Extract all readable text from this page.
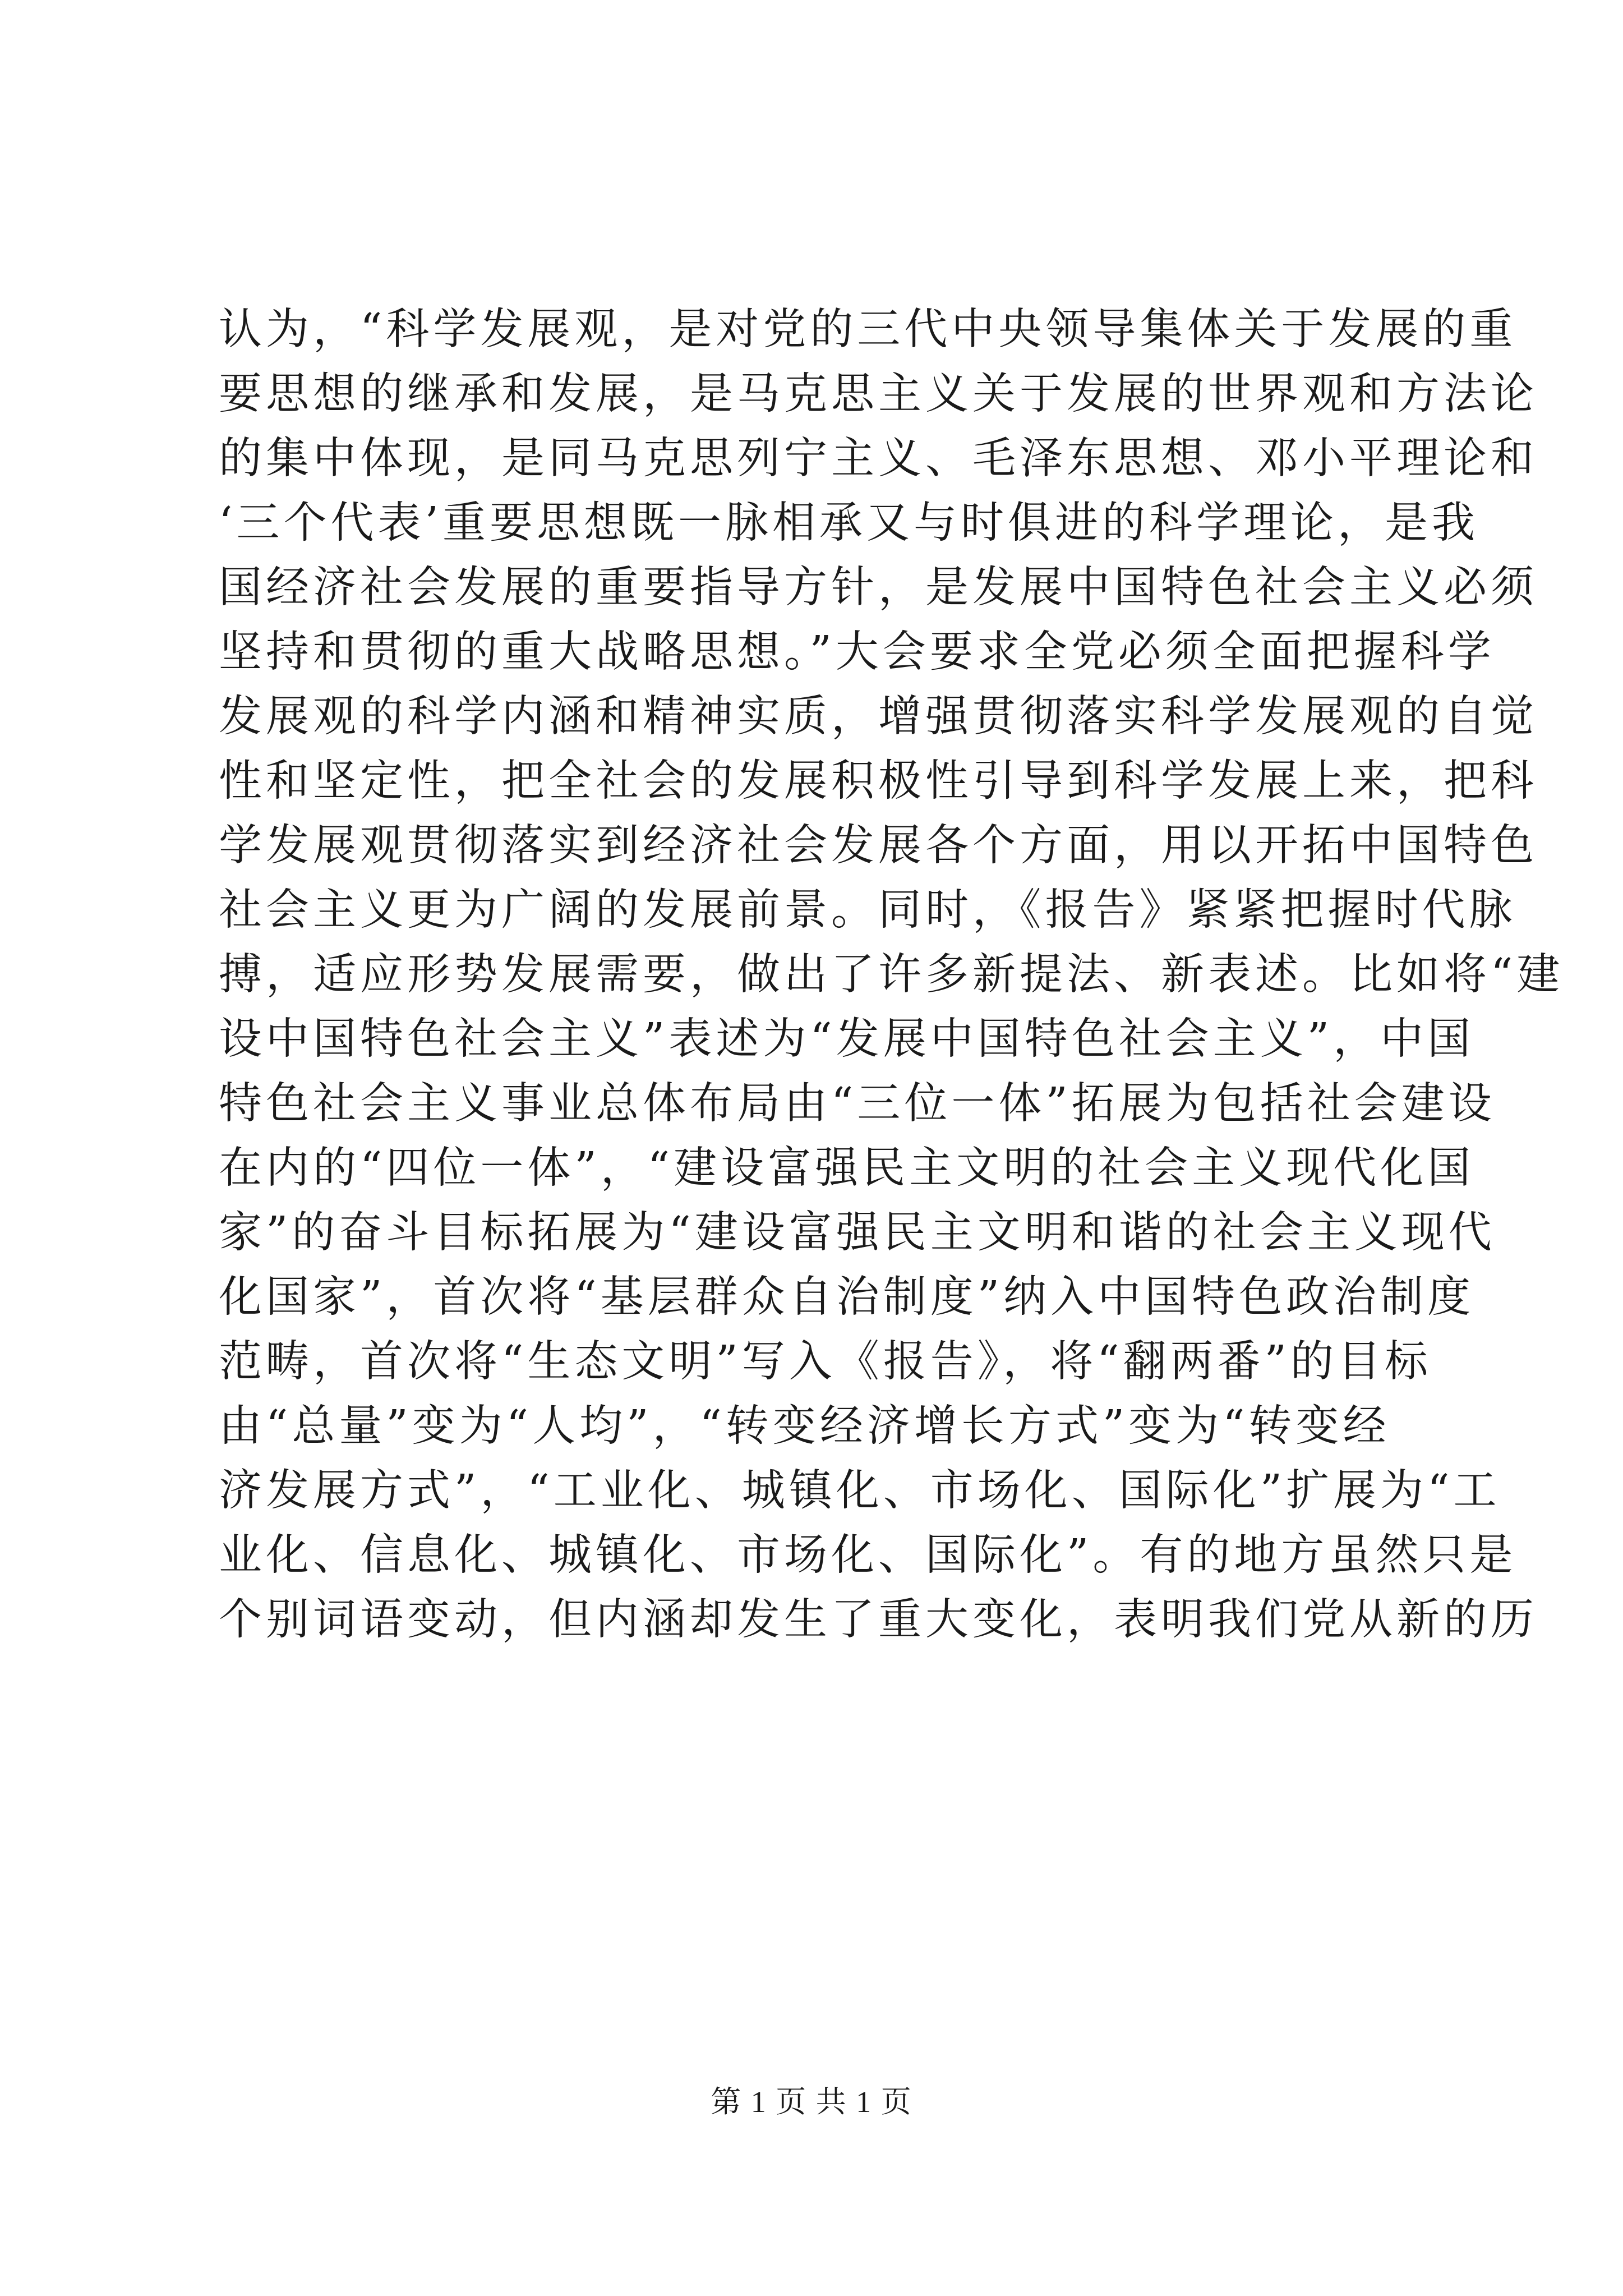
认为，“科学发展观，是对党的三代中央领导集体关于发展的重
要思想的继承和发展，是马克思主义关于发展的世界观和方法论
的集中体现，是同马克思列宁主义、毛泽东思想、邓小平理论和
‘三个代表’重要思想既一脉相承又与时俱进的科学理论，是我
国经济社会发展的重要指导方针，是发展中国特色社会主义必须
坚持和贯彻的重大战略思想。”大会要求全党必须全面把握科学
发展观的科学内涵和精神实质，增强贯彻落实科学发展观的自觉
性和坚定性，把全社会的发展积极性引导到科学发展上来，把科
学发展观贯彻落实到经济社会发展各个方面，用以开拓中国特色
社会主义更为广阔的发展前景。同时，《报告》紧紧把握时代脉
搏，适应形势发展需要，做出了许多新提法、新表述。比如将“建
设中国特色社会主义”表述为“发展中国特色社会主义”，中国
特色社会主义事业总体布局由“三位一体”拓展为包括社会建设
在内的“四位一体”，“建设富强民主文明的社会主义现代化国
家”的奋斗目标拓展为“建设富强民主文明和谐的社会主义现代
化国家”，首次将“基层群众自治制度”纳入中国特色政治制度
范畴，首次将“生态文明”写入《报告》，将“翻两番”的目标
由“总量”变为“人均”，“转变经济增长方式”变为“转变经
济发展方式”，“工业化、城镇化、市场化、国际化”扩展为“工
业化、信息化、城镇化、市场化、国际化”。有的地方虽然只是
个别词语变动，但内涵却发生了重大变化，表明我们党从新的历
第 1 页 共 1 页
